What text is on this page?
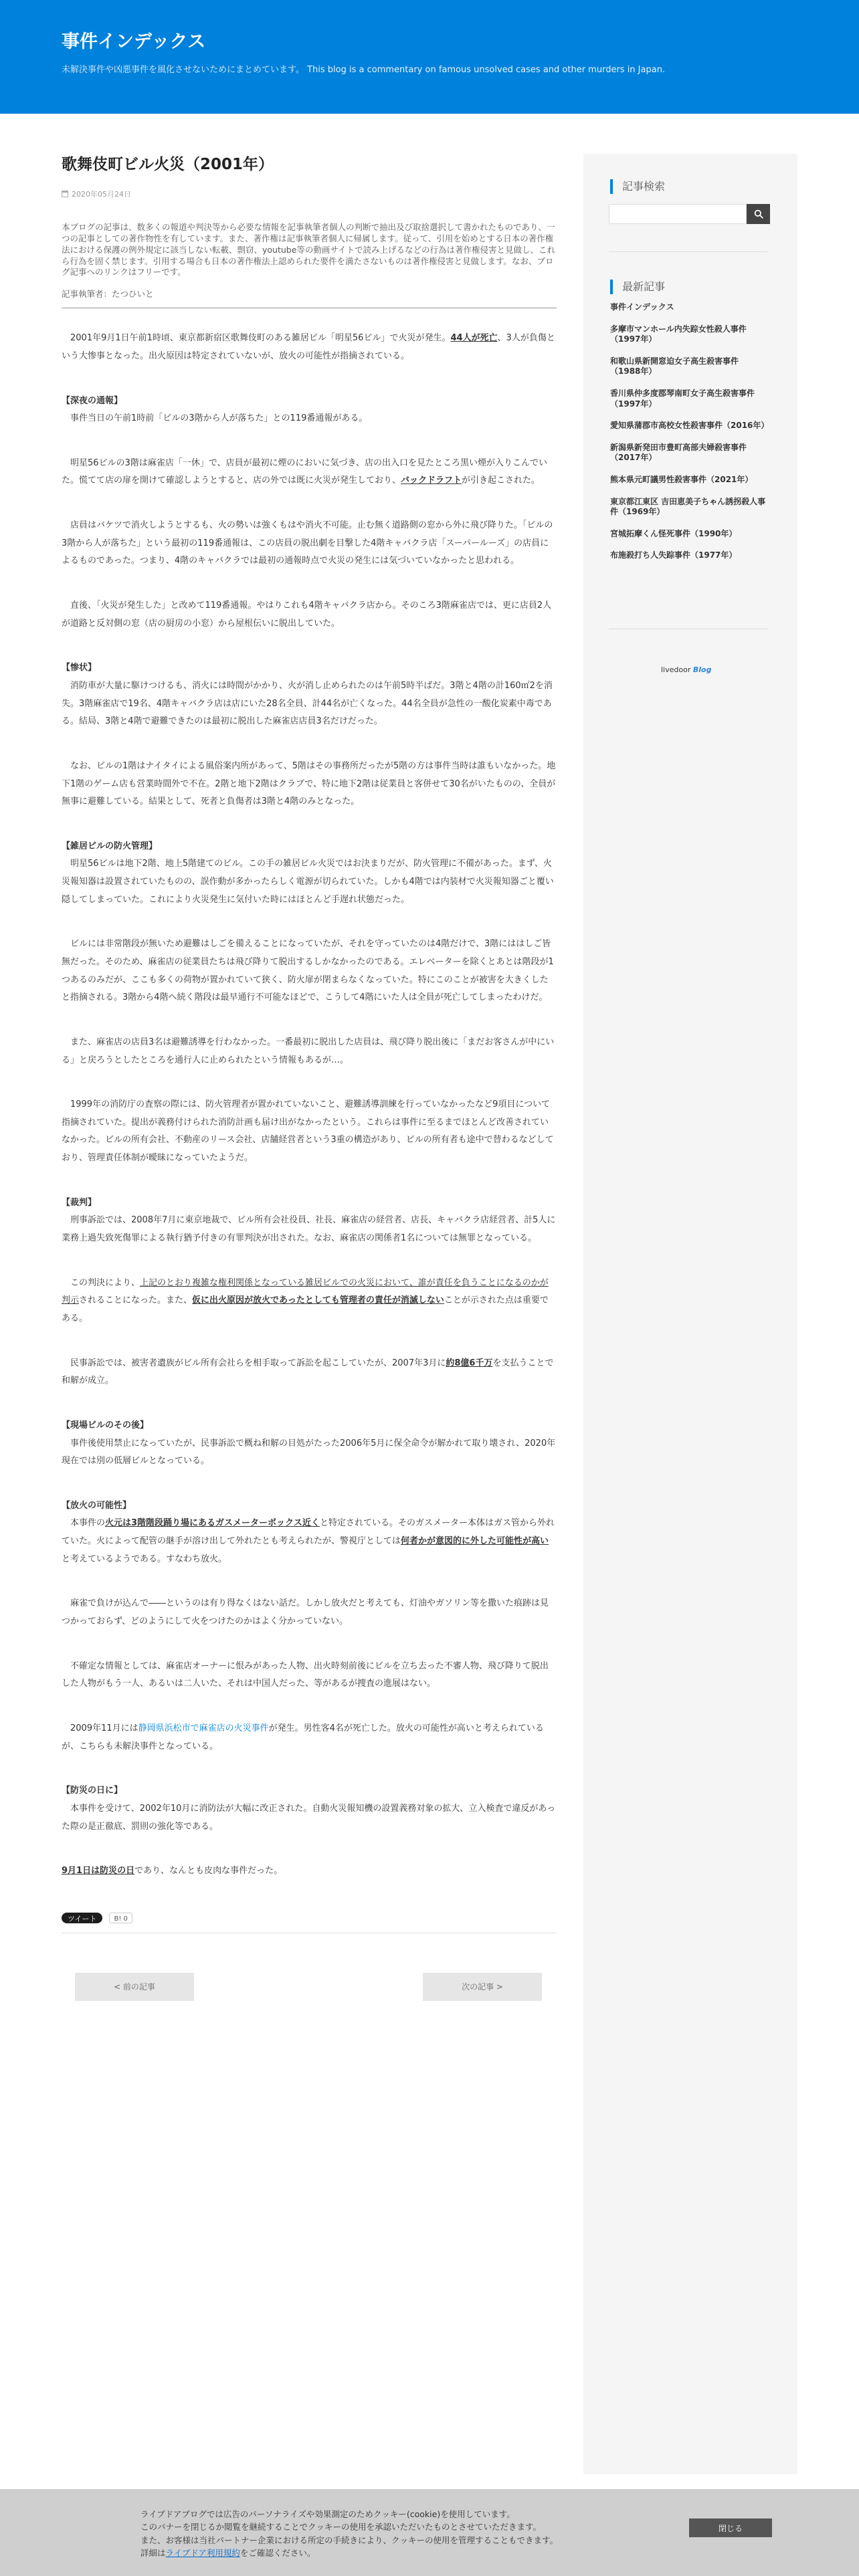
事件インデックス
未解決事件や凶悪事件を風化させないためにまとめています。 This blog is a commentary on famous unsolved cases and other murders in Japan.
歌舞伎町ビル火災（2001年）
2020年05月24日

本ブログの記事は、数多くの報道や判決等から必要な情報を記事執筆者個人の判断で抽出及び取捨選択して書かれたものであり、一つの記事としての著作物性を有しています。また、著作権は記事執筆者個人に帰属します。従って、引用を始めとする日本の著作権法における保護の例外規定に該当しない転載、剽窃、youtube等の動画サイトで読み上げるなどの行為は著作権侵害と見做し、これら行為を固く禁じます。引用する場合も日本の著作権法上認められた要件を満たさないものは著作権侵害と見做します。なお、ブログ記事へのリンクはフリーです。

記事執筆者：たつひいと

　2001年9月1日午前1時頃、東京都新宿区歌舞伎町のある雑居ビル「明星56ビル」で火災が発生。44人が死亡、3人が負傷という大惨事となった。出火原因は特定されていないが、放火の可能性が指摘されている。

【深夜の通報】

　事件当日の午前1時前「ビルの3階から人が落ちた」との119番通報がある。

　明星56ビルの3階は麻雀店「一休」で、店員が最初に煙のにおいに気づき、店の出入口を見たところ黒い煙が入りこんでいた。慌てて店の扉を開けて確認しようとすると、店の外では既に火災が発生しており、バックドラフトが引き起こされた。

　店員はバケツで消火しようとするも、火の勢いは強くもはや消火不可能。止む無く道路側の窓から外に飛び降りた。「ビルの3階から人が落ちた」という最初の119番通報は、この店員の脱出劇を目撃した4階キャバクラ店「スーパールーズ」の店員によるものであった。つまり、4階のキャバクラでは最初の通報時点で火災の発生には気づいていなかったと思われる。

　直後、「火災が発生した」と改めて119番通報。やはりこれも4階キャバクラ店から。そのころ3階麻雀店では、更に店員2人が道路と反対側の窓（店の厨房の小窓）から屋根伝いに脱出していた。

【惨状】

　消防車が大量に駆けつけるも、消火には時間がかかり、火が消し止められたのは午前5時半ばだ。3階と4階の計160㎡2を消失。3階麻雀店で19名、4階キャバクラ店は店にいた28名全員、計44名が亡くなった。44名全員が急性の一酸化炭素中毒である。結局、3階と4階で避難できたのは最初に脱出した麻雀店店員3名だけだった。

　なお、ビルの1階はナイタイによる風俗案内所があって、5階はその事務所だったが5階の方は事件当時は誰もいなかった。地下1階のゲーム店も営業時間外で不在。2階と地下2階はクラブで、特に地下2階は従業員と客併せて30名がいたものの、全員が無事に避難している。結果として、死者と負傷者は3階と4階のみとなった。

【雑居ビルの防火管理】

　明星56ビルは地下2階、地上5階建てのビル。この手の雑居ビル火災ではお決まりだが、防火管理に不備があった。まず、火災報知器は設置されていたものの、誤作動が多かったらしく電源が切られていた。しかも4階では内装材で火災報知器ごと覆い隠してしまっていた。これにより火災発生に気付いた時にはほとんど手遅れ状態だった。

　ビルには非常階段が無いため避難はしごを備えることになっていたが、それを守っていたのは4階だけで、3階にははしご皆無だった。そのため、麻雀店の従業員たちは飛び降りて脱出するしかなかったのである。エレベーターを除くとあとは階段が1つあるのみだが、ここも多くの荷物が置かれていて狭く、防火扉が閉まらなくなっていた。特にこのことが被害を大きくしたと指摘される。3階から4階へ続く階段は最早通行不可能なほどで、こうして4階にいた人は全員が死亡してしまったわけだ。

　また、麻雀店の店員3名は避難誘導を行わなかった。一番最初に脱出した店員は、飛び降り脱出後に「まだお客さんが中にいる」と戻ろうとしたところを通行人に止められたという情報もあるが…。

　1999年の消防庁の査察の際には、防火管理者が置かれていないこと、避難誘導訓練を行っていなかったなど9項目について指摘されていた。提出が義務付けられた消防計画も届け出がなかったという。これらは事件に至るまでほとんど改善されていなかった。ビルの所有会社、不動産のリース会社、店舗経営者という3重の構造があり、ビルの所有者も途中で替わるなどしており、管理責任体制が曖昧になっていたようだ。

【裁判】

　刑事訴訟では、2008年7月に東京地裁で、ビル所有会社役員、社長、麻雀店の経営者、店長、キャバクラ店経営者、計5人に業務上過失致死傷罪による執行猶予付きの有罪判決が出された。なお、麻雀店の関係者1名については無罪となっている。

　この判決により、上記のとおり複雑な権利関係となっている雑居ビルでの火災において、誰が責任を負うことになるのかが判示されることになった。また、仮に出火原因が放火であったとしても管理者の責任が消滅しないことが示された点は重要である。

　民事訴訟では、被害者遺族がビル所有会社らを相手取って訴訟を起こしていたが、2007年3月に約8億6千万を支払うことで和解が成立。

【現場ビルのその後】

　事件後使用禁止になっていたが、民事訴訟で概ね和解の目処がたった2006年5月に保全命令が解かれて取り壊され、2020年現在では別の低層ビルとなっている。

【放火の可能性】

　本事件の火元は3階階段踊り場にあるガスメーターボックス近くと特定されている。そのガスメーター本体はガス管から外れていた。火によって配管の継手が溶け出して外れたとも考えられたが、警視庁としては何者かが意図的に外した可能性が高いと考えているようである。すなわち放火。

　麻雀で負けが込んで――というのは有り得なくはない話だ。しかし放火だと考えても、灯油やガソリン等を撒いた痕跡は見つかっておらず、どのようにして火をつけたのかはよく分かっていない。

　不確定な情報としては、麻雀店オーナーに恨みがあった人物、出火時刻前後にビルを立ち去った不審人物、飛び降りて脱出した人物がもう一人、あるいは二人いた、それは中国人だった、等があるが捜査の進展はない。

　2009年11月には静岡県浜松市で麻雀店の火災事件が発生。男性客4名が死亡した。放火の可能性が高いと考えられているが、こちらも未解決事件となっている。

【防災の日に】

　本事件を受けて、2002年10月に消防法が大幅に改正された。自動火災報知機の設置義務対象の拡大、立入検査で違反があった際の是正徹底、罰則の強化等である。

9月1日は防災の日であり、なんとも皮肉な事件だった。

ツイート	B! 0
< 前の記事	次の記事 >
記事検索
最新記事
事件インデックス
多摩市マンホール内失踪女性殺人事件（1997年）
和歌山県新開窓迫女子高生殺害事件（1988年）
香川県仲多度郡琴南町女子高生殺害事件（1997年）
愛知県蒲郡市高校女性殺害事件（2016年）
新潟県新発田市豊町高部夫婦殺害事件（2017年）
熊本県元町議男性殺害事件（2021年）
東京都江東区 吉田恵美子ちゃん誘拐殺人事件（1969年）
宮城拓摩くん怪死事件（1990年）
布施殺打ち人失踪事件（1977年）
livedoor Blog

ライブドアブログでは広告のパーソナライズや効果測定のためクッキー(cookie)を使用しています。
このバナーを閉じるか閲覧を継続することでクッキーの使用を承認いただいたものとさせていただきます。
また、お客様は当社パートナー企業における所定の手続きにより、クッキーの使用を管理することもできます。
詳細はライブドア利用規約をご確認ください。

閉じる
